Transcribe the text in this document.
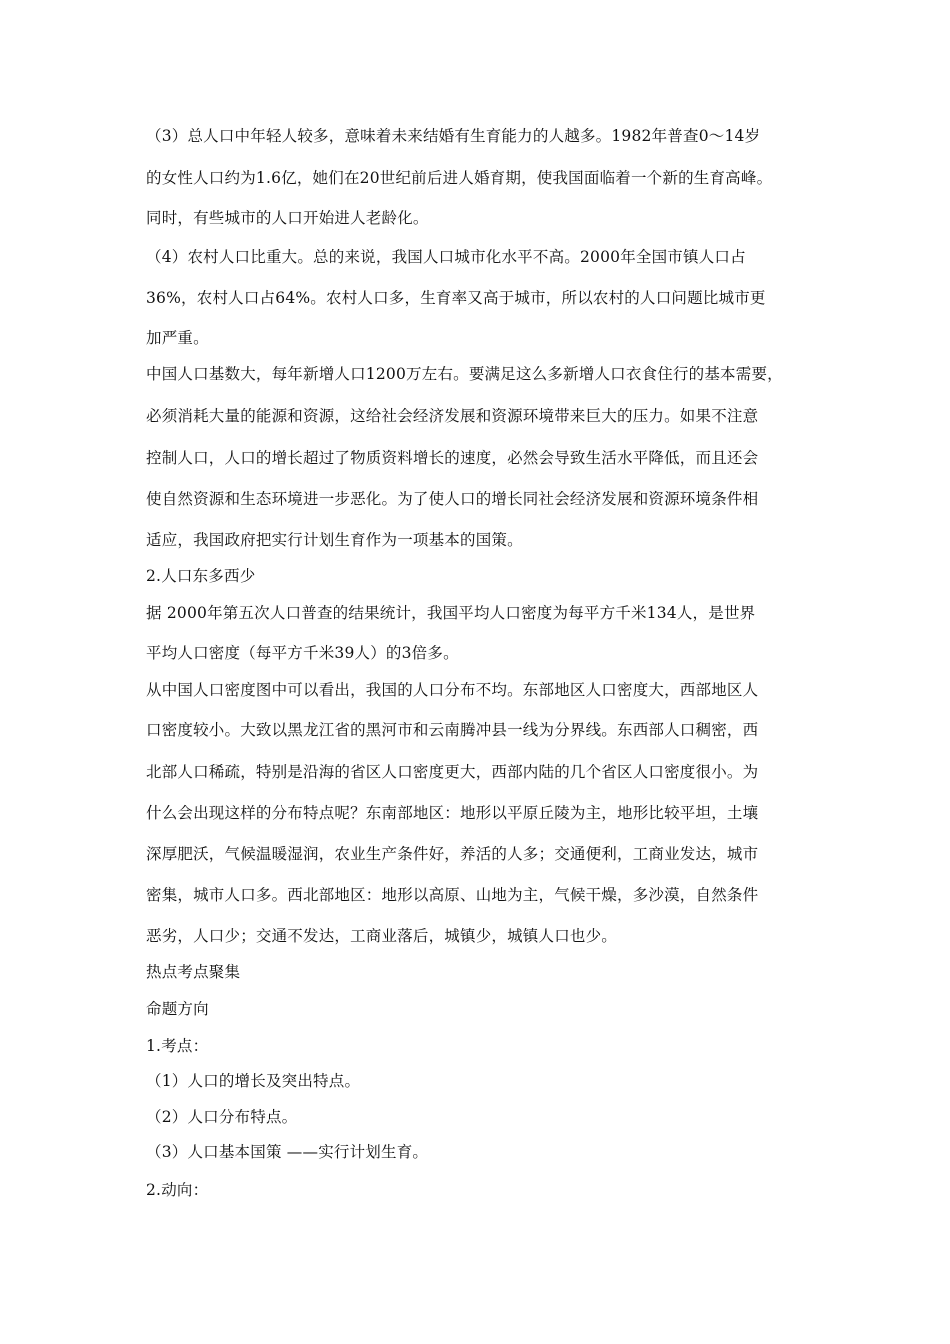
（3）总人口中年轻人较多，意味着未来结婚有生育能力的人越多。1982年普查0～14岁
的女性人口约为1.6亿，她们在20世纪前后进人婚育期，使我国面临着一个新的生育高峰。
同时，有些城市的人口开始进人老龄化。
（4）农村人口比重大。总的来说，我国人口城市化水平不高。2000年全国市镇人口占
36%，农村人口占64%。农村人口多，生育率又高于城市，所以农村的人口问题比城市更
加严重。
中国人口基数大，每年新增人口1200万左右。要满足这么多新增人口衣食住行的基本需要，
必须消耗大量的能源和资源，这给社会经济发展和资源环境带来巨大的压力。如果不注意
控制人口，人口的增长超过了物质资料增长的速度，必然会导致生活水平降低，而且还会
使自然资源和生态环境进一步恶化。为了使人口的增长同社会经济发展和资源环境条件相
适应，我国政府把实行计划生育作为一项基本的国策。
2.人口东多西少
据 2000年第五次人口普查的结果统计，我国平均人口密度为每平方千米134人，是世界
平均人口密度（每平方千米39人）的3倍多。
从中国人口密度图中可以看出，我国的人口分布不均。东部地区人口密度大，西部地区人
口密度较小。大致以黑龙江省的黑河市和云南腾冲县一线为分界线。东西部人口稠密，西
北部人口稀疏，特别是沿海的省区人口密度更大，西部内陆的几个省区人口密度很小。为
什么会出现这样的分布特点呢？东南部地区：地形以平原丘陵为主，地形比较平坦，土壤
深厚肥沃，气候温暖湿润，农业生产条件好，养活的人多；交通便利，工商业发达，城市
密集，城市人口多。西北部地区：地形以高原、山地为主，气候干燥，多沙漠，自然条件
恶劣，人口少；交通不发达，工商业落后，城镇少，城镇人口也少。
热点考点聚集
命题方向
1.考点：
（1）人口的增长及突出特点。
（2）人口分布特点。
（3）人口基本国策 ——实行计划生育。
2.动向：
